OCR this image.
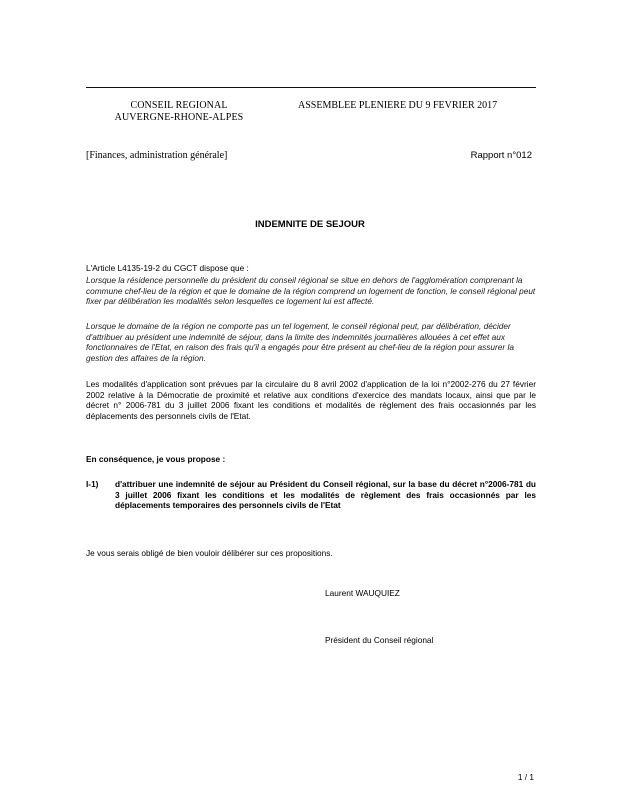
CONSEIL REGIONAL
AUVERGNE-RHONE-ALPES
ASSEMBLEE PLENIERE DU 9 FEVRIER 2017
[Finances, administration générale]	Rapport n°012
INDEMNITE DE SEJOUR
L'Article L4135-19-2 du CGCT dispose que :
Lorsque la résidence personnelle du président du conseil régional se situe en dehors de l'agglomération comprenant la commune chef-lieu de la région et que le domaine de la région comprend un logement de fonction, le conseil régional peut fixer par délibération les modalités selon lesquelles ce logement lui est affecté.
Lorsque le domaine de la région ne comporte pas un tel logement, le conseil régional peut, par délibération, décider d'attribuer au président une indemnité de séjour, dans la limite des indemnités journalières allouées à cet effet aux fonctionnaires de l'Etat, en raison des frais qu'il a engagés pour être présent au chef-lieu de la région pour assurer la gestion des affaires de la région.
Les modalités d'application sont prévues par la circulaire du 8 avril 2002 d'application de la loi n°2002-276 du 27 février 2002 relative à la Démocratie de proximité et relative aux conditions d'exercice des mandats locaux, ainsi que par le décret n° 2006-781 du 3 juillet 2006 fixant les conditions et modalités de règlement des frais occasionnés par les déplacements des personnels civils de l'Etat.
En conséquence, je vous propose :
I-1) d'attribuer une indemnité de séjour au Président du Conseil régional, sur la base du décret n°2006-781 du 3 juillet 2006 fixant les conditions et les modalités de règlement des frais occasionnés par les déplacements temporaires des personnels civils de l'Etat
Je vous serais obligé de bien vouloir délibérer sur ces propositions.
Laurent WAUQUIEZ
Président du Conseil régional
1 / 1
